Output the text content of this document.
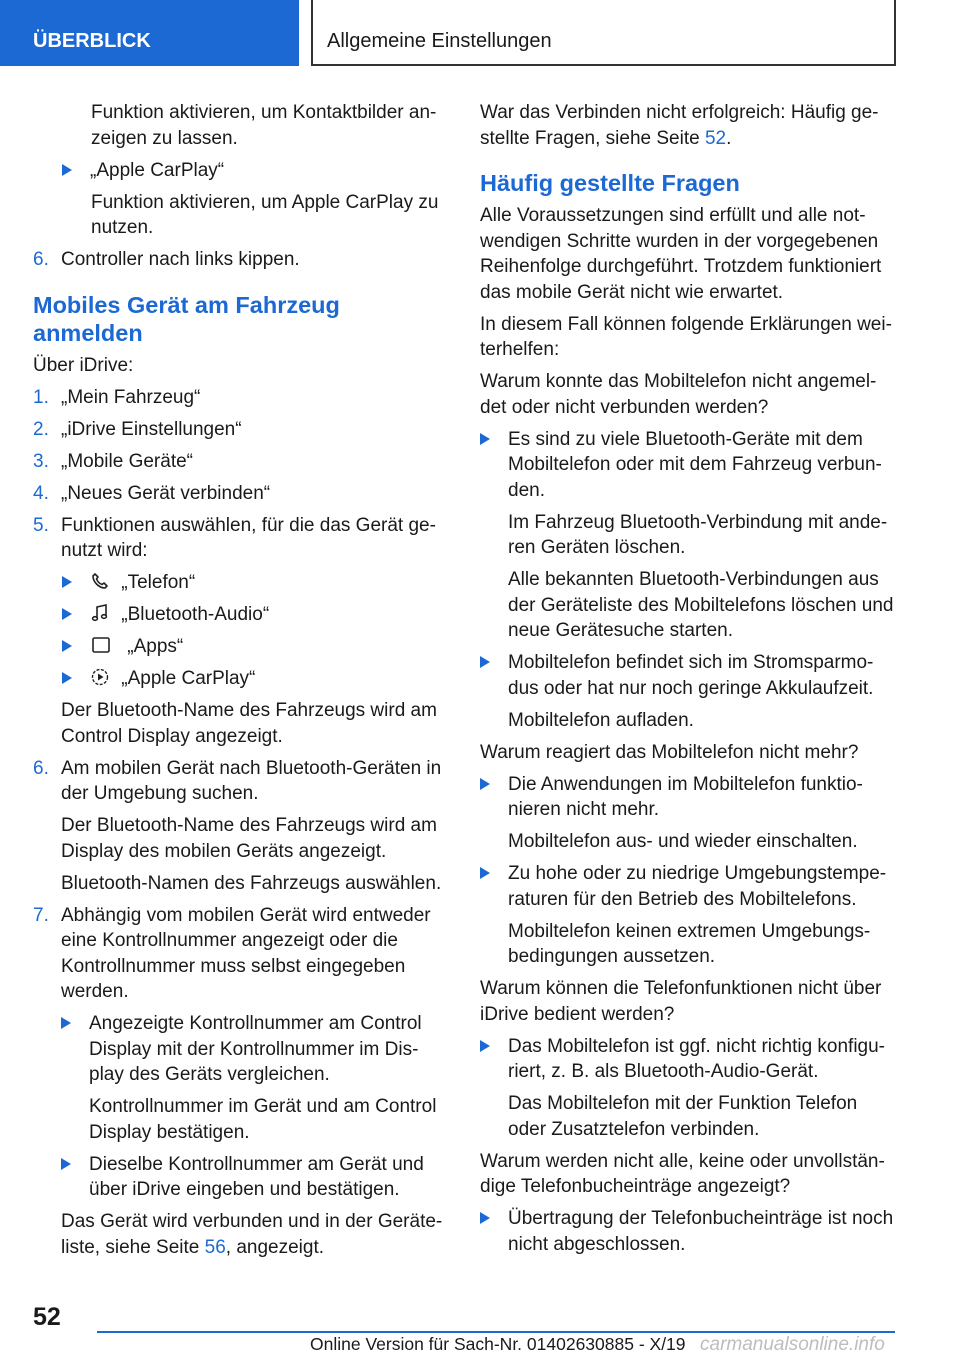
ÜBERBLICK	Allgemeine Einstellungen

Funktion aktivieren, um Kontaktbilder an-zeigen zu lassen.

„Apple CarPlay“

Funktion aktivieren, um Apple CarPlay zu nutzen.

6. Controller nach links kippen.
Mobiles Gerät am Fahrzeug anmelden

Über iDrive:

1. „Mein Fahrzeug“
2. „iDrive Einstellungen“
3. „Mobile Geräte“
4. „Neues Gerät verbinden“
5. Funktionen auswählen, für die das Gerät ge-nutzt wird:
„Telefon“
„Bluetooth-Audio“
„Apps“
„Apple CarPlay“

Der Bluetooth-Name des Fahrzeugs wird am Control Display angezeigt.

6. Am mobilen Gerät nach Bluetooth-Geräten in der Umgebung suchen.

Der Bluetooth-Name des Fahrzeugs wird am Display des mobilen Geräts angezeigt.

Bluetooth-Namen des Fahrzeugs auswählen.

7. Abhängig vom mobilen Gerät wird entweder eine Kontrollnummer angezeigt oder die Kontrollnummer muss selbst eingegeben werden.
Angezeigte Kontrollnummer am Control Display mit der Kontrollnummer im Dis-play des Geräts vergleichen.

Kontrollnummer im Gerät und am Control Display bestätigen.

Dieselbe Kontrollnummer am Gerät und über iDrive eingeben und bestätigen.

Das Gerät wird verbunden und in der Geräte-liste, siehe Seite 56, angezeigt.

War das Verbinden nicht erfolgreich: Häufig ge-stellte Fragen, siehe Seite 52.

Häufig gestellte Fragen

Alle Voraussetzungen sind erfüllt und alle not-wendigen Schritte wurden in der vorgegebenen Reihenfolge durchgeführt. Trotzdem funktioniert das mobile Gerät nicht wie erwartet.

In diesem Fall können folgende Erklärungen wei-terhelfen:

Warum konnte das Mobiltelefon nicht angemel-det oder nicht verbunden werden?

Es sind zu viele Bluetooth-Geräte mit dem Mobiltelefon oder mit dem Fahrzeug verbun-den.

Im Fahrzeug Bluetooth-Verbindung mit ande-ren Geräten löschen.

Alle bekannten Bluetooth-Verbindungen aus der Geräteliste des Mobiltelefons löschen und neue Gerätesuche starten.

Mobiltelefon befindet sich im Stromsparmo-dus oder hat nur noch geringe Akkulaufzeit.

Mobiltelefon aufladen.

Warum reagiert das Mobiltelefon nicht mehr?

Die Anwendungen im Mobiltelefon funktio-nieren nicht mehr.

Mobiltelefon aus- und wieder einschalten.

Zu hohe oder zu niedrige Umgebungstempe-raturen für den Betrieb des Mobiltelefons.

Mobiltelefon keinen extremen Umgebungs-bedingungen aussetzen.

Warum können die Telefonfunktionen nicht über iDrive bedient werden?

Das Mobiltelefon ist ggf. nicht richtig konfigu-riert, z. B. als Bluetooth-Audio-Gerät.

Das Mobiltelefon mit der Funktion Telefon oder Zusatztelefon verbinden.

Warum werden nicht alle, keine oder unvollstän-dige Telefonbucheinträge angezeigt?

Übertragung der Telefonbucheinträge ist noch nicht abgeschlossen.
52
Online Version für Sach-Nr. 01402630885 - X/19 carmanualsonline.info
